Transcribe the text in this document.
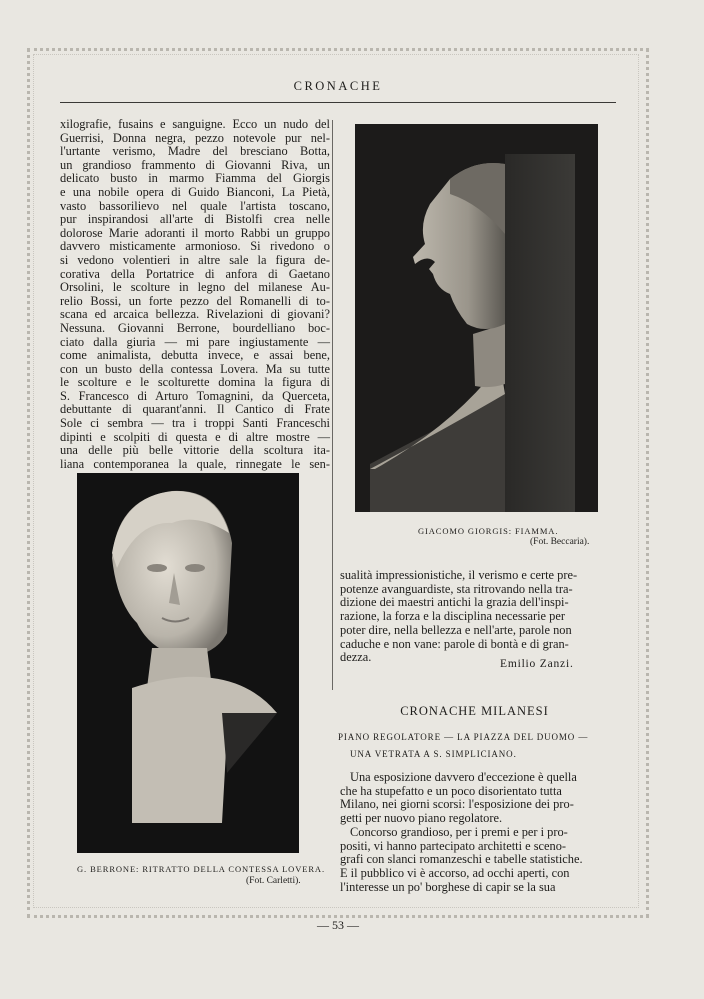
CRONACHE
xilografie, fusains e sanguigne. Ecco un nudo del
Guerrisi, Donna negra, pezzo notevole pur nel-
l'urtante verismo, Madre del bresciano Botta,
un grandioso frammento di Giovanni Riva, un
delicato busto in marmo Fiamma del Giorgis
e una nobile opera di Guido Bianconi, La Pietà,
vasto bassorilievo nel quale l'artista toscano,
pur inspirandosi all'arte di Bistolfi crea nelle
dolorose Marie adoranti il morto Rabbi un gruppo
davvero misticamente armonioso. Si rivedono o
si vedono volentieri in altre sale la figura de-
corativa della Portatrice di anfora di Gaetano
Orsolini, le scolture in legno del milanese Au-
relio Bossi, un forte pezzo del Romanelli di to-
scana ed arcaica bellezza. Rivelazioni di giovani?
Nessuna. Giovanni Berrone, bourdelliano boc-
ciato dalla giuria — mi pare ingiustamente —
come animalista, debutta invece, e assai bene,
con un busto della contessa Lovera. Ma su tutte
le scolture e le scolturette domina la figura di
S. Francesco di Arturo Tomagnini, da Querceta,
debuttante di quarant'anni. Il Cantico di Frate
Sole ci sembra — tra i troppi Santi Franceschi
dipinti e scolpiti di questa e di altre mostre —
una delle più belle vittorie della scoltura ita-
liana contemporanea la quale, rinnegate le sen-
GIACOMO GIORGIS: FIAMMA.
(Fot. Beccaria).
G. BERRONE: RITRATTO DELLA CONTESSA LOVERA.
(Fot. Carletti).
sualità impressionistiche, il verismo e certe pre-
potenze avanguardiste, sta ritrovando nella tra-
dizione dei maestri antichi la grazia dell'inspi-
razione, la forza e la disciplina necessarie per
poter dire, nella bellezza e nell'arte, parole non
caduche e non vane: parole di bontà e di gran-
dezza.	Emilio Zanzi.
CRONACHE MILANESI
PIANO REGOLATORE — LA PIAZZA DEL DUOMO —
UNA VETRATA A S. SIMPLICIANO.
Una esposizione davvero d'eccezione è quella
che ha stupefatto e un poco disorientato tutta
Milano, nei giorni scorsi: l'esposizione dei pro-
getti per nuovo piano regolatore.
Concorso grandioso, per i premi e per i pro-
positi, vi hanno partecipato architetti e sceno-
grafi con slanci romanzeschi e tabelle statistiche.
E il pubblico vi è accorso, ad occhi aperti, con
l'interesse un po' borghese di capir se la sua
— 53 —
